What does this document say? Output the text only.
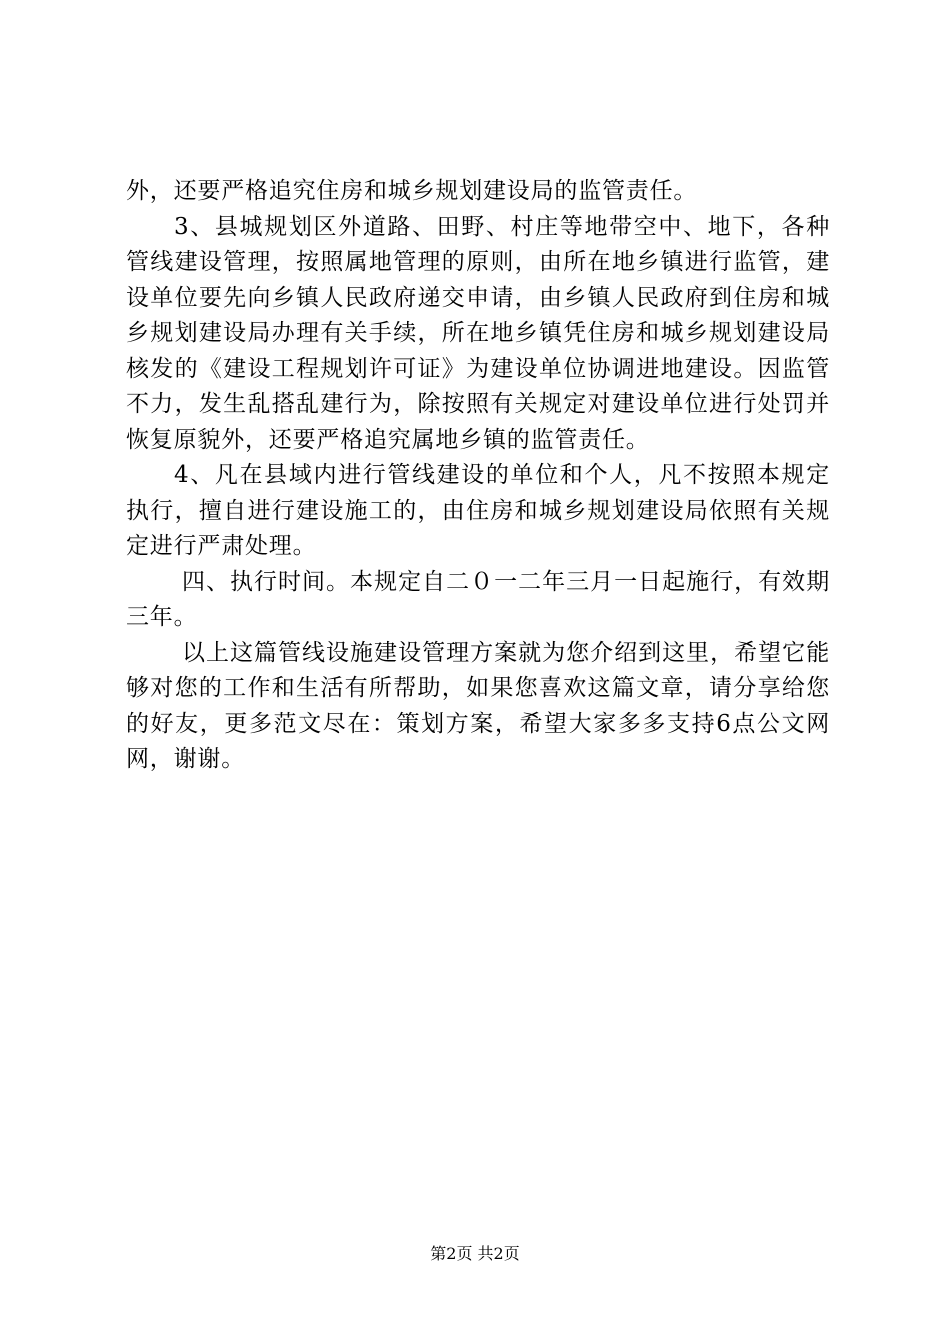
外，还要严格追究住房和城乡规划建设局的监管责任。

3、县城规划区外道路、田野、村庄等地带空中、地下，各种管线建设管理，按照属地管理的原则，由所在地乡镇进行监管，建设单位要先向乡镇人民政府递交申请，由乡镇人民政府到住房和城乡规划建设局办理有关手续，所在地乡镇凭住房和城乡规划建设局核发的《建设工程规划许可证》为建设单位协调进地建设。因监管不力，发生乱搭乱建行为，除按照有关规定对建设单位进行处罚并恢复原貌外，还要严格追究属地乡镇的监管责任。

4、凡在县域内进行管线建设的单位和个人，凡不按照本规定执行，擅自进行建设施工的，由住房和城乡规划建设局依照有关规定进行严肃处理。

四、执行时间。本规定自二０一二年三月一日起施行，有效期三年。

以上这篇管线设施建设管理方案就为您介绍到这里，希望它能够对您的工作和生活有所帮助，如果您喜欢这篇文章，请分享给您的好友，更多范文尽在：策划方案，希望大家多多支持6点公文网网，谢谢。

第2页 共2页
